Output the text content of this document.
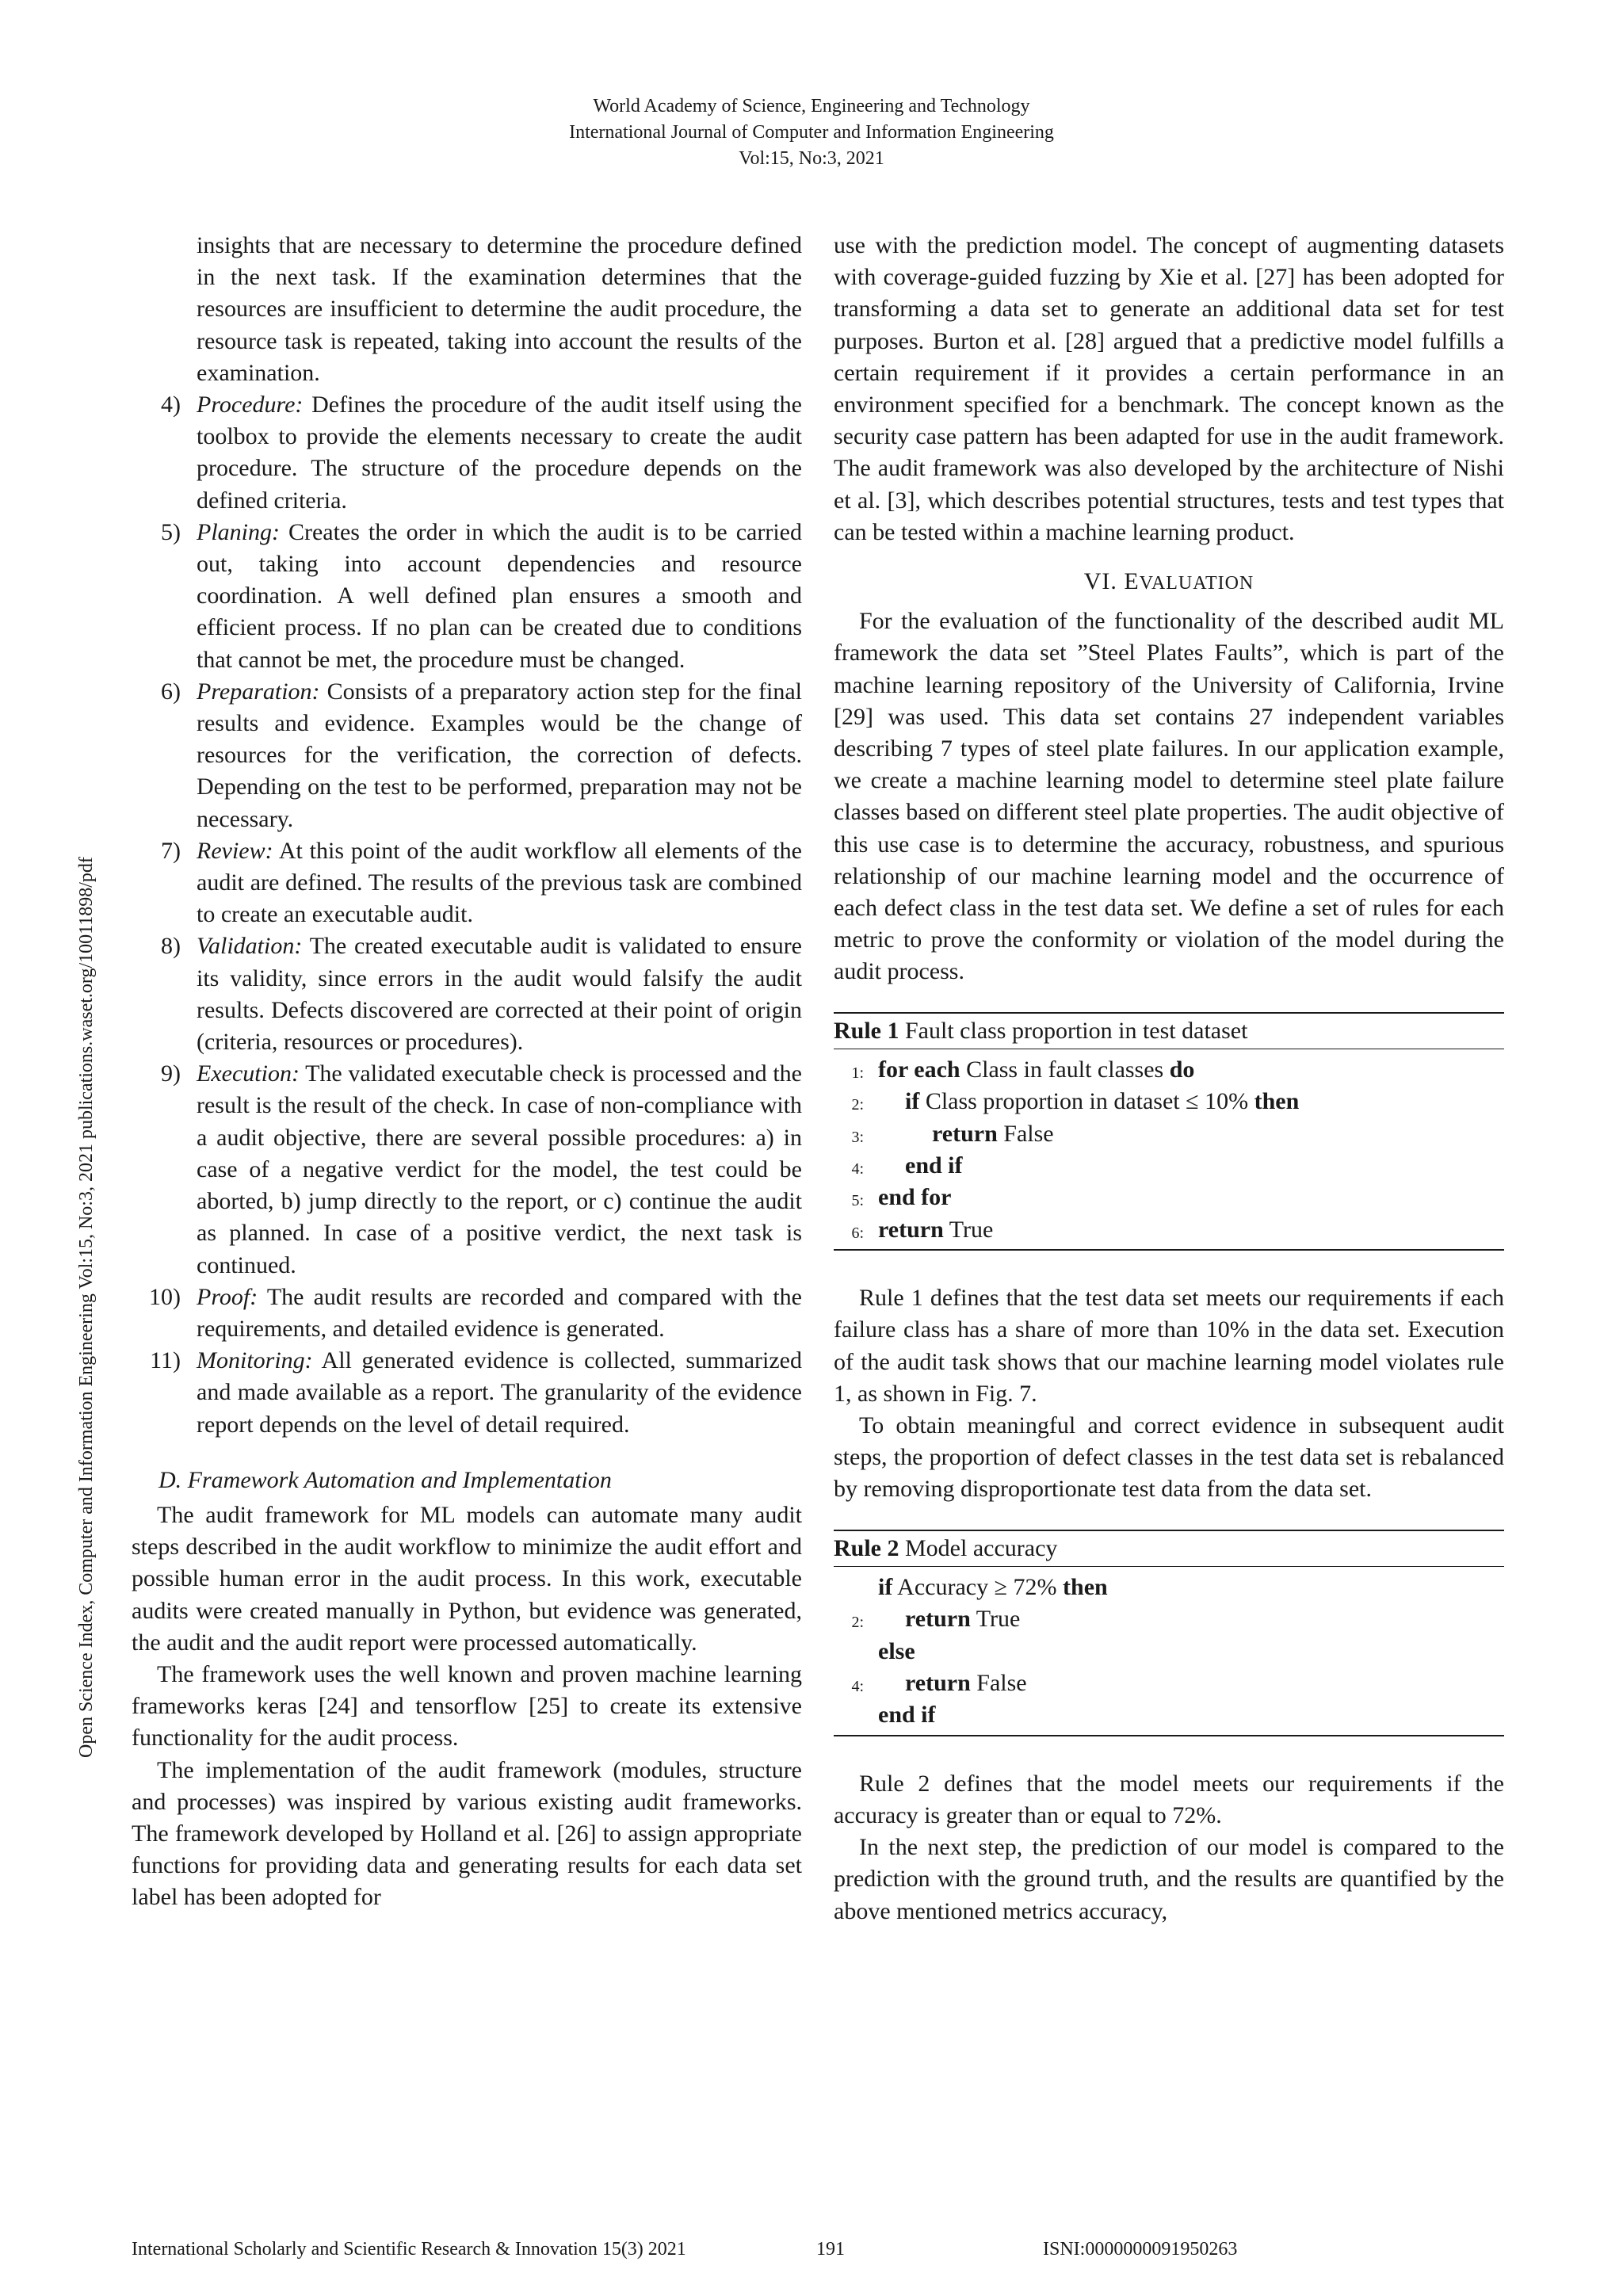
World Academy of Science, Engineering and Technology
International Journal of Computer and Information Engineering
Vol:15, No:3, 2021
Open Science Index, Computer and Information Engineering Vol:15, No:3, 2021 publications.waset.org/10011898/pdf

insights that are necessary to determine the procedure defined in the next task. If the examination determines that the resources are insufficient to determine the audit procedure, the resource task is repeated, taking into account the results of the examination.

4) Procedure: Defines the procedure of the audit itself using the toolbox to provide the elements necessary to create the audit procedure. The structure of the procedure depends on the defined criteria.

5) Planing: Creates the order in which the audit is to be carried out, taking into account dependencies and resource coordination. A well defined plan ensures a smooth and efficient process. If no plan can be created due to conditions that cannot be met, the procedure must be changed.

6) Preparation: Consists of a preparatory action step for the final results and evidence. Examples would be the change of resources for the verification, the correction of defects. Depending on the test to be performed, preparation may not be necessary.

7) Review: At this point of the audit workflow all elements of the audit are defined. The results of the previous task are combined to create an executable audit.

8) Validation: The created executable audit is validated to ensure its validity, since errors in the audit would falsify the audit results. Defects discovered are corrected at their point of origin (criteria, resources or procedures).

9) Execution: The validated executable check is processed and the result is the result of the check. In case of non-compliance with a audit objective, there are several possible procedures: a) in case of a negative verdict for the model, the test could be aborted, b) jump directly to the report, or c) continue the audit as planned. In case of a positive verdict, the next task is continued.

10) Proof: The audit results are recorded and compared with the requirements, and detailed evidence is generated.

11) Monitoring: All generated evidence is collected, summarized and made available as a report. The granularity of the evidence report depends on the level of detail required.

D. Framework Automation and Implementation

The audit framework for ML models can automate many audit steps described in the audit workflow to minimize the audit effort and possible human error in the audit process. In this work, executable audits were created manually in Python, but evidence was generated, the audit and the audit report were processed automatically.

The framework uses the well known and proven machine learning frameworks keras [24] and tensorflow [25] to create its extensive functionality for the audit process.

The implementation of the audit framework (modules, structure and processes) was inspired by various existing audit frameworks. The framework developed by Holland et al. [26] to assign appropriate functions for providing data and generating results for each data set label has been adopted for

use with the prediction model. The concept of augmenting datasets with coverage-guided fuzzing by Xie et al. [27] has been adopted for transforming a data set to generate an additional data set for test purposes. Burton et al. [28] argued that a predictive model fulfills a certain requirement if it provides a certain performance in an environment specified for a benchmark. The concept known as the security case pattern has been adapted for use in the audit framework. The audit framework was also developed by the architecture of Nishi et al. [3], which describes potential structures, tests and test types that can be tested within a machine learning product.

VI. EVALUATION

For the evaluation of the functionality of the described audit ML framework the data set ”Steel Plates Faults”, which is part of the machine learning repository of the University of California, Irvine [29] was used. This data set contains 27 independent variables describing 7 types of steel plate failures. In our application example, we create a machine learning model to determine steel plate failure classes based on different steel plate properties. The audit objective of this use case is to determine the accuracy, robustness, and spurious relationship of our machine learning model and the occurrence of each defect class in the test data set. We define a set of rules for each metric to prove the conformity or violation of the model during the audit process.

Rule 1 Fault class proportion in test dataset
1: for each Class in fault classes do
2: if Class proportion in dataset ≤ 10% then
3:	return False
4: end if
5: end for
6: return True

Rule 1 defines that the test data set meets our requirements if each failure class has a share of more than 10% in the data set. Execution of the audit task shows that our machine learning model violates rule 1, as shown in Fig. 7.

To obtain meaningful and correct evidence in subsequent audit steps, the proportion of defect classes in the test data set is rebalanced by removing disproportionate test data from the data set.

Rule 2 Model accuracy
if Accuracy ≥ 72% then
2: return True
else
4: return False
end if

Rule 2 defines that the model meets our requirements if the accuracy is greater than or equal to 72%.

In the next step, the prediction of our model is compared to the prediction with the ground truth, and the results are quantified by the above mentioned metrics accuracy,

International Scholarly and Scientific Research & Innovation 15(3) 2021	191	ISNI:0000000091950263
